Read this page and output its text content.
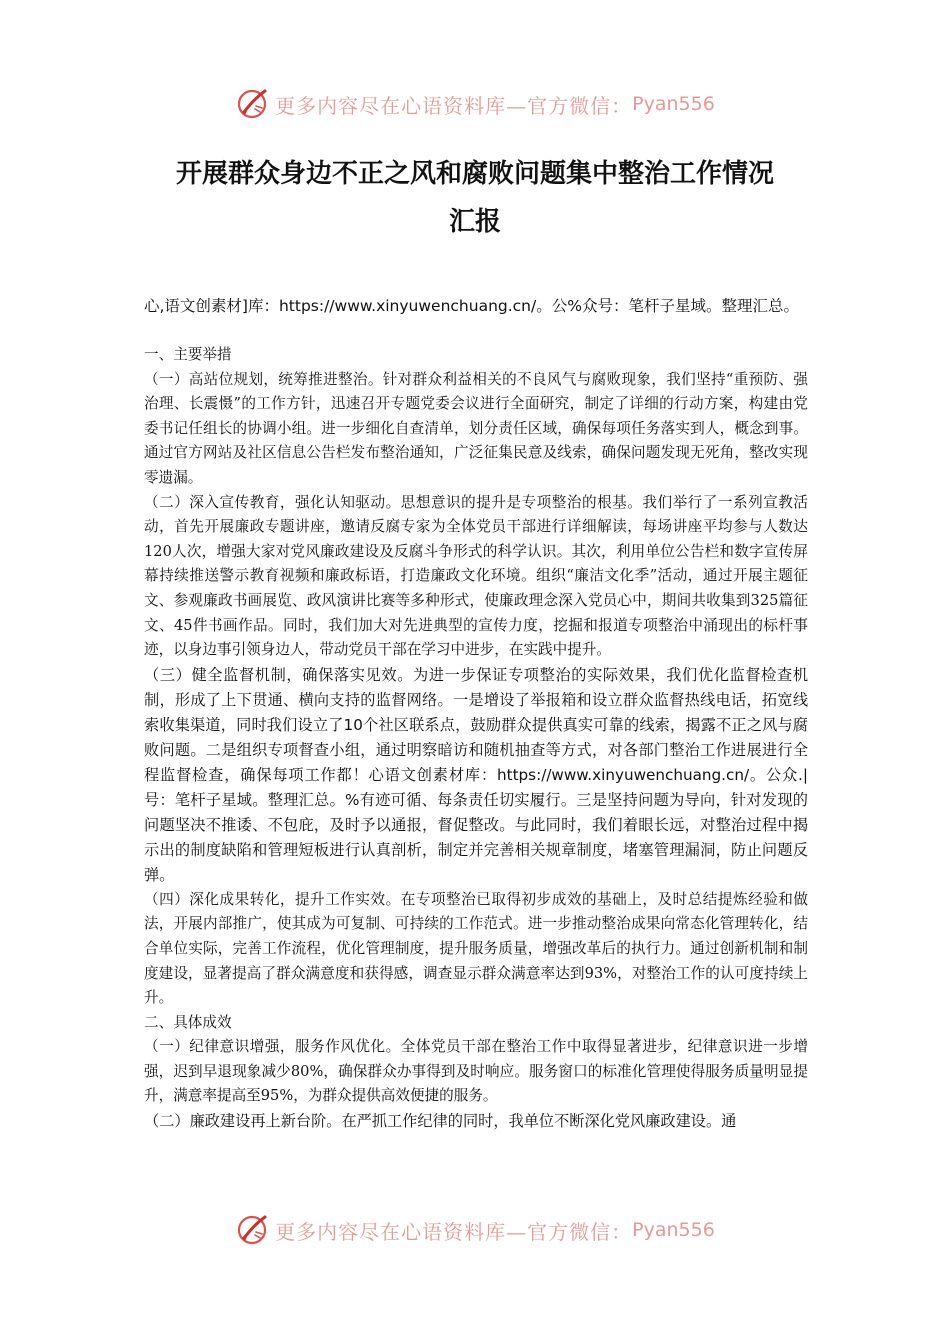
更多内容尽在心语资料库—官方微信： Pyan556
开展群众身边不正之风和腐败问题集中整治工作情况
汇报

心,语文创素材]库：https://www.xinyuwenchuang.cn/。公%众号：笔杆子星域。整理汇总。

一、主要举措

（一）高站位规划，统筹推进整治。针对群众利益相关的不良风气与腐败现象，我们坚持“重预防、强治理、长震慑”的工作方针，迅速召开专题党委会议进行全面研究，制定了详细的行动方案，构建由党委书记任组长的协调小组。进一步细化自查清单，划分责任区域，确保每项任务落实到人，概念到事。通过官方网站及社区信息公告栏发布整治通知，广泛征集民意及线索，确保问题发现无死角，整改实现零遗漏。

（二）深入宣传教育，强化认知驱动。思想意识的提升是专项整治的根基。我们举行了一系列宣教活动，首先开展廉政专题讲座，邀请反腐专家为全体党员干部进行详细解读，每场讲座平均参与人数达120人次，增强大家对党风廉政建设及反腐斗争形式的科学认识。其次，利用单位公告栏和数字宣传屏幕持续推送警示教育视频和廉政标语，打造廉政文化环境。组织“廉洁文化季”活动，通过开展主题征文、参观廉政书画展览、政风演讲比赛等多种形式，使廉政理念深入党员心中，期间共收集到325篇征文、45件书画作品。同时，我们加大对先进典型的宣传力度，挖掘和报道专项整治中涌现出的标杆事迹，以身边事引领身边人，带动党员干部在学习中进步，在实践中提升。

（三）健全监督机制，确保落实见效。为进一步保证专项整治的实际效果，我们优化监督检查机制，形成了上下贯通、横向支持的监督网络。一是增设了举报箱和设立群众监督热线电话，拓宽线索收集渠道，同时我们设立了10个社区联系点，鼓励群众提供真实可靠的线索，揭露不正之风与腐败问题。二是组织专项督查小组，通过明察暗访和随机抽查等方式，对各部门整治工作进展进行全程监督检查，确保每项工作都！心语文创素材库：https://www.xinyuwenchuang.cn/。公众.|号：笔杆子星域。整理汇总。%有迹可循、每条责任切实履行。三是坚持问题为导向，针对发现的问题坚决不推诿、不包庇，及时予以通报，督促整改。与此同时，我们着眼长远，对整治过程中揭示出的制度缺陷和管理短板进行认真剖析，制定并完善相关规章制度，堵塞管理漏洞，防止问题反弹。

（四）深化成果转化，提升工作实效。在专项整治已取得初步成效的基础上，及时总结提炼经验和做法，开展内部推广，使其成为可复制、可持续的工作范式。进一步推动整治成果向常态化管理转化，结合单位实际，完善工作流程，优化管理制度，提升服务质量，增强改革后的执行力。通过创新机制和制度建设，显著提高了群众满意度和获得感，调查显示群众满意率达到93%，对整治工作的认可度持续上升。

二、具体成效

（一）纪律意识增强，服务作风优化。全体党员干部在整治工作中取得显著进步，纪律意识进一步增强，迟到早退现象减少80%，确保群众办事得到及时响应。服务窗口的标准化管理使得服务质量明显提升，满意率提高至95%，为群众提供高效便捷的服务。

（二）廉政建设再上新台阶。在严抓工作纪律的同时，我单位不断深化党风廉政建设。通

更多内容尽在心语资料库—官方微信： Pyan556
